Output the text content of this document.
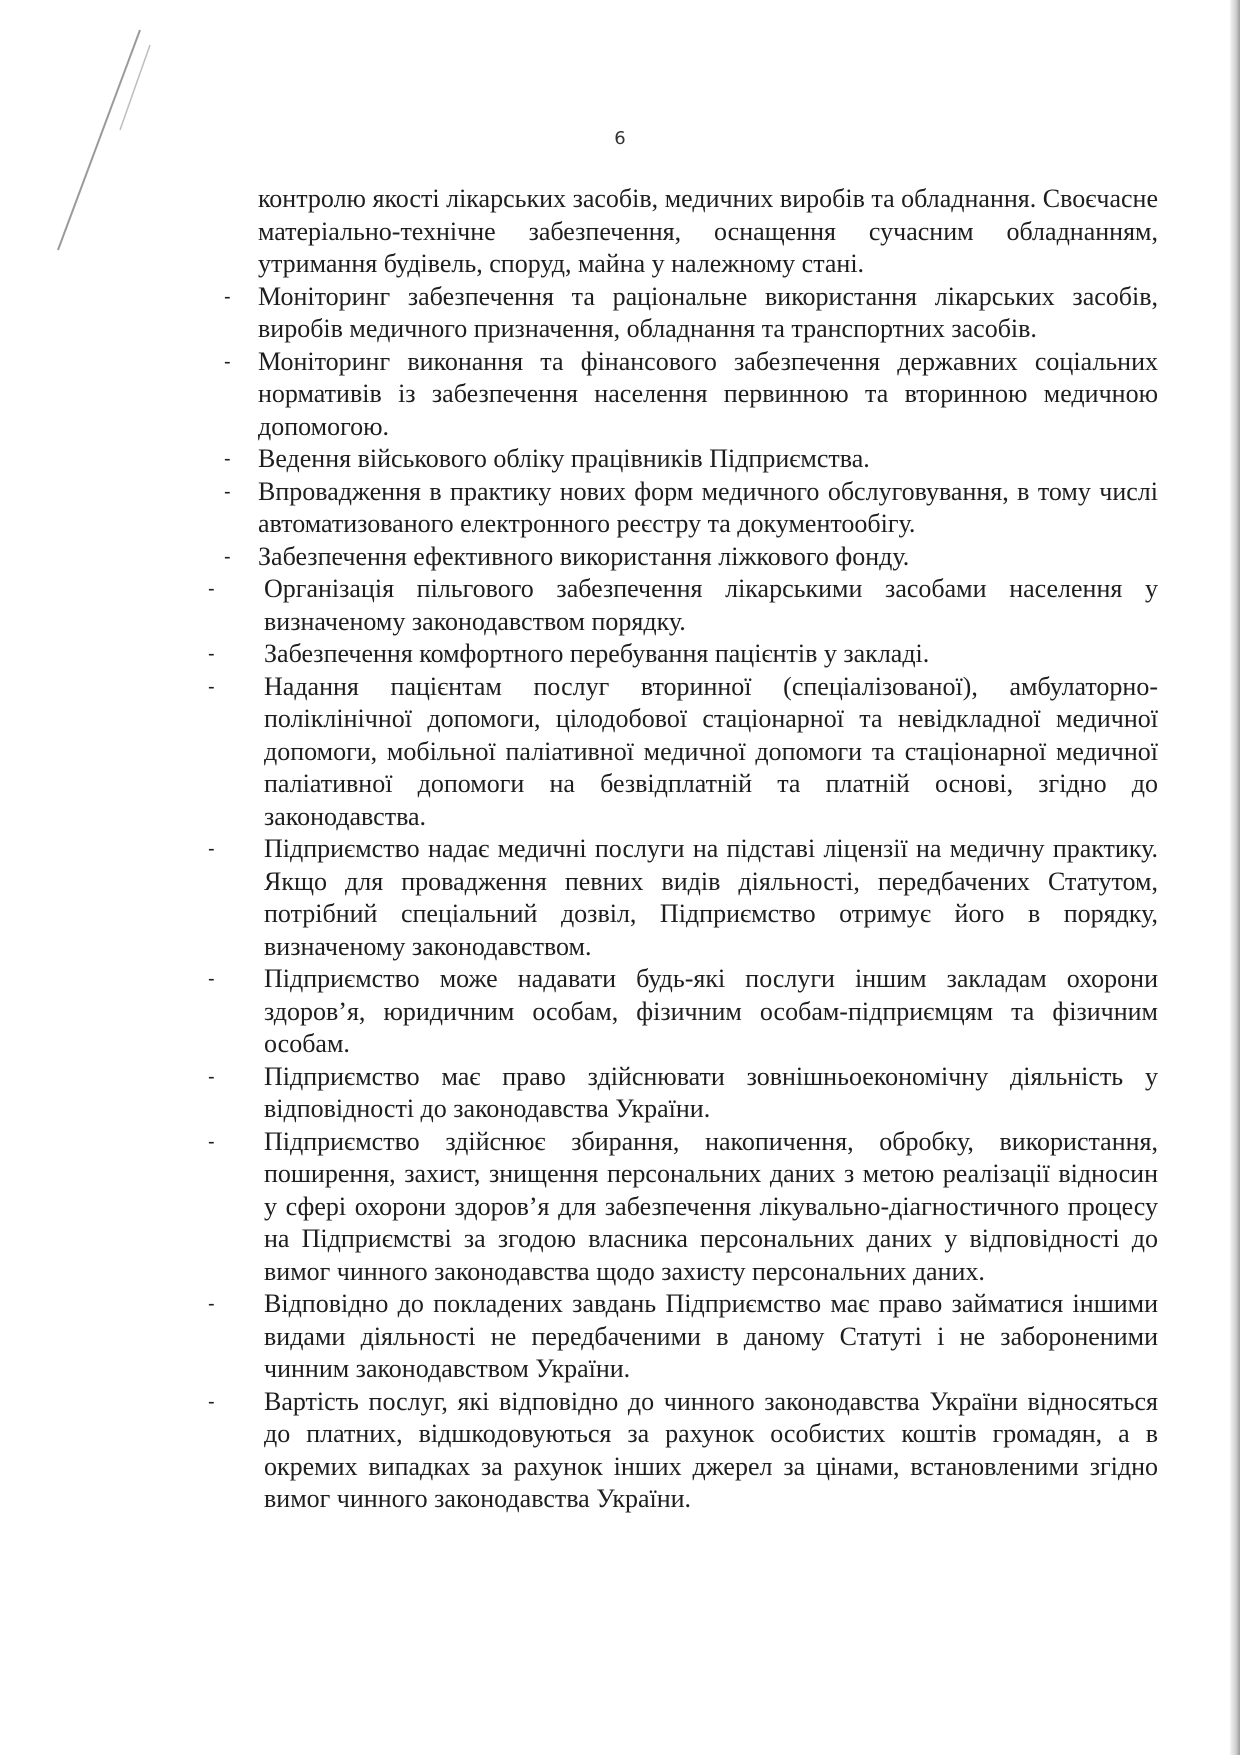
6

контролю якості лікарських засобів, медичних виробів та обладнання. Своєчасне матеріально-технічне забезпечення, оснащення сучасним обладнанням, утримання будівель, споруд, майна у належному стані.

- Моніторинг забезпечення та раціональне використання лікарських засобів, виробів медичного призначення, обладнання та транспортних засобів.
- Моніторинг виконання та фінансового забезпечення державних соціальних нормативів із забезпечення населення первинною та вторинною медичною допомогою.
- Ведення військового обліку працівників Підприємства.
- Впровадження в практику нових форм медичного обслуговування, в тому числі автоматизованого електронного реєстру та документообігу.
- Забезпечення ефективного використання ліжкового фонду.
- Організація пільгового забезпечення лікарськими засобами населення у визначеному законодавством порядку.
- Забезпечення комфортного перебування пацієнтів у закладі.
- Надання пацієнтам послуг вторинної (спеціалізованої), амбулаторно-поліклінічної допомоги, цілодобової стаціонарної та невідкладної медичної допомоги, мобільної паліативної медичної допомоги та стаціонарної медичної паліативної допомоги на безвідплатній та платній основі, згідно до законодавства.
- Підприємство надає медичні послуги на підставі ліцензії на медичну практику. Якщо для провадження певних видів діяльності, передбачених Статутом, потрібний спеціальний дозвіл, Підприємство отримує його в порядку, визначеному законодавством.
- Підприємство може надавати будь-які послуги іншим закладам охорони здоров’я, юридичним особам, фізичним особам-підприємцям та фізичним особам.
- Підприємство має право здійснювати зовнішньоекономічну діяльність у відповідності до законодавства України.
- Підприємство здійснює збирання, накопичення, обробку, використання, поширення, захист, знищення персональних даних з метою реалізації відносин у сфері охорони здоров’я для забезпечення лікувально-діагностичного процесу на Підприємстві за згодою власника персональних даних у відповідності до вимог чинного законодавства щодо захисту персональних даних.
- Відповідно до покладених завдань Підприємство має право займатися іншими видами діяльності не передбаченими в даному Статуті і не забороненими чинним законодавством України.
- Вартість послуг, які відповідно до чинного законодавства України відносяться до платних, відшкодовуються за рахунок особистих коштів громадян, а в окремих випадках за рахунок інших джерел за цінами, встановленими згідно вимог чинного законодавства України.
